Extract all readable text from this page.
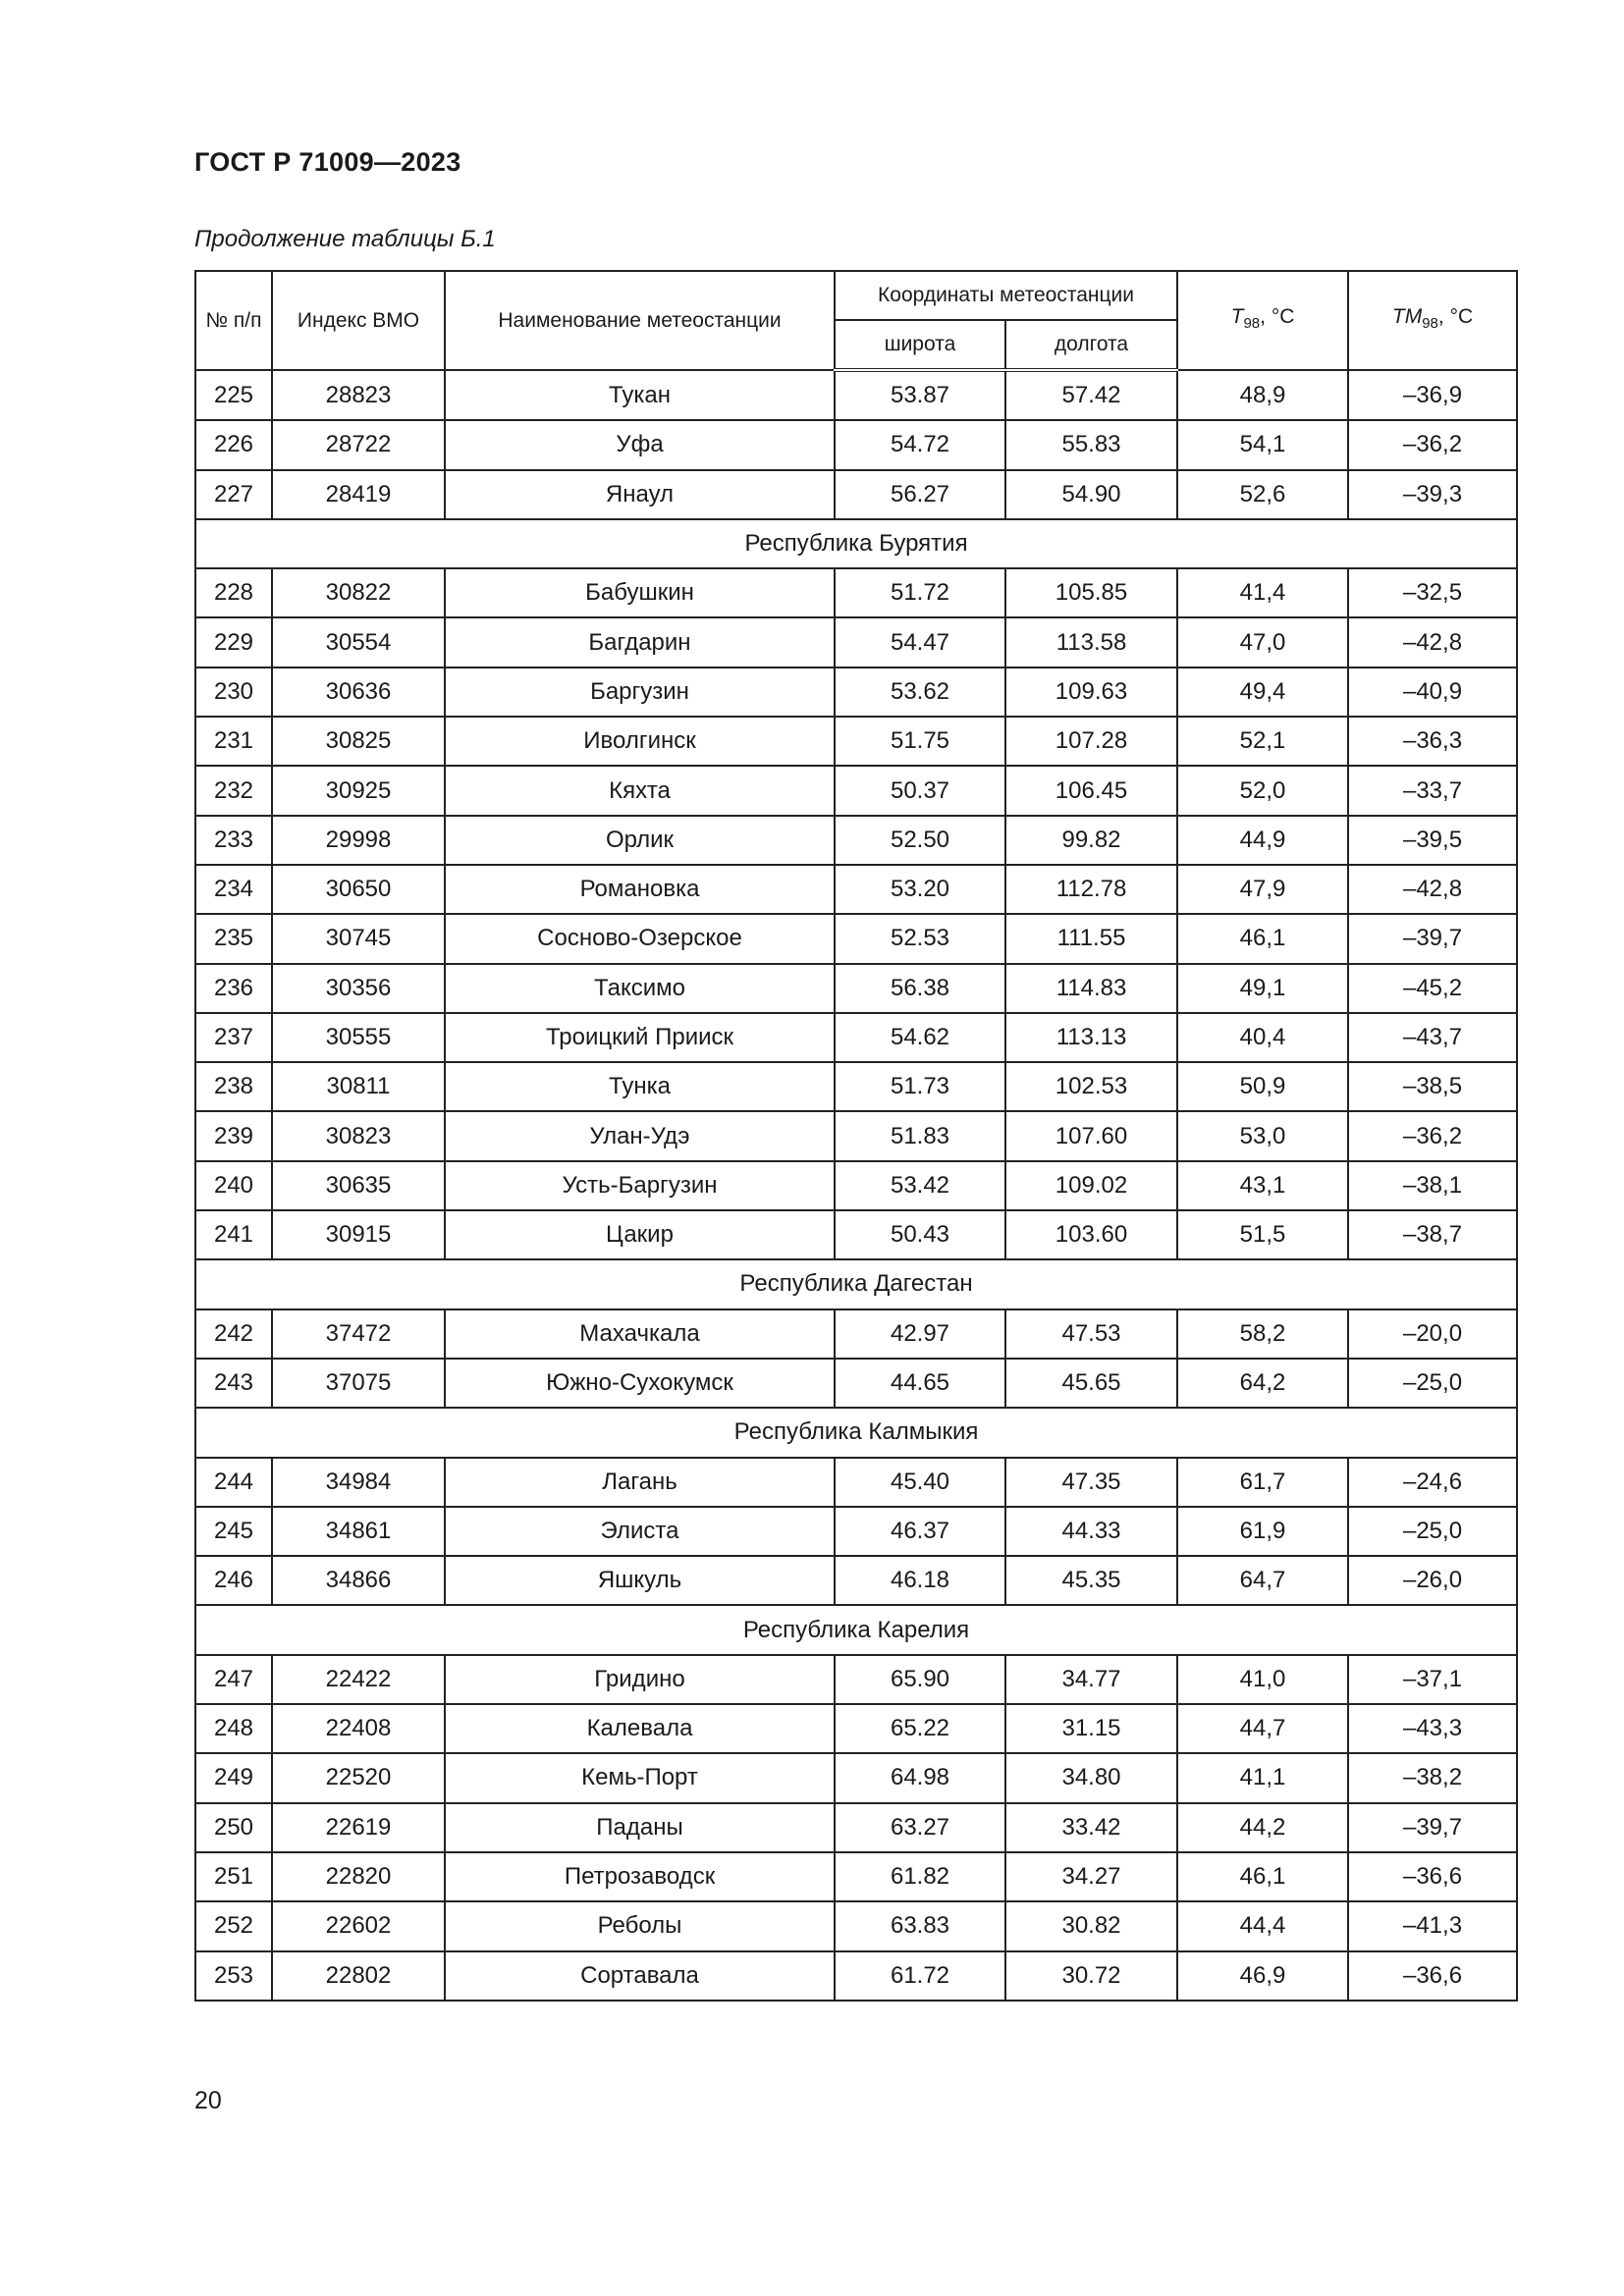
ГОСТ Р 71009—2023
Продолжение таблицы Б.1
№ п/п	Индекс ВМО	Наименование метеостанции	Координаты метеостанции		$T_{98}$, °C	$TM_{98}$, °C
			широта	долгота		
225	28823	Тукан	53.87	57.42	48,9	–36,9
226	28722	Уфа	54.72	55.83	54,1	–36,2
227	28419	Янаул	56.27	54.90	52,6	–39,3
Республика Бурятия						
228	30822	Бабушкин	51.72	105.85	41,4	–32,5
229	30554	Багдарин	54.47	113.58	47,0	–42,8
230	30636	Баргузин	53.62	109.63	49,4	–40,9
231	30825	Иволгинск	51.75	107.28	52,1	–36,3
232	30925	Кяхта	50.37	106.45	52,0	–33,7
233	29998	Орлик	52.50	99.82	44,9	–39,5
234	30650	Романовка	53.20	112.78	47,9	–42,8
235	30745	Сосново-Озерское	52.53	111.55	46,1	–39,7
236	30356	Таксимо	56.38	114.83	49,1	–45,2
237	30555	Троицкий Прииск	54.62	113.13	40,4	–43,7
238	30811	Тунка	51.73	102.53	50,9	–38,5
239	30823	Улан-Удэ	51.83	107.60	53,0	–36,2
240	30635	Усть-Баргузин	53.42	109.02	43,1	–38,1
241	30915	Цакир	50.43	103.60	51,5	–38,7
Республика Дагестан						
242	37472	Махачкала	42.97	47.53	58,2	–20,0
243	37075	Южно-Сухокумск	44.65	45.65	64,2	–25,0
Республика Калмыкия						
244	34984	Лагань	45.40	47.35	61,7	–24,6
245	34861	Элиста	46.37	44.33	61,9	–25,0
246	34866	Яшкуль	46.18	45.35	64,7	–26,0
Республика Карелия						
247	22422	Гридино	65.90	34.77	41,0	–37,1
248	22408	Калевала	65.22	31.15	44,7	–43,3
249	22520	Кемь-Порт	64.98	34.80	41,1	–38,2
250	22619	Паданы	63.27	33.42	44,2	–39,7
251	22820	Петрозаводск	61.82	34.27	46,1	–36,6
252	22602	Реболы	63.83	30.82	44,4	–41,3
253	22802	Сортавала	61.72	30.72	46,9	–36,6
20
